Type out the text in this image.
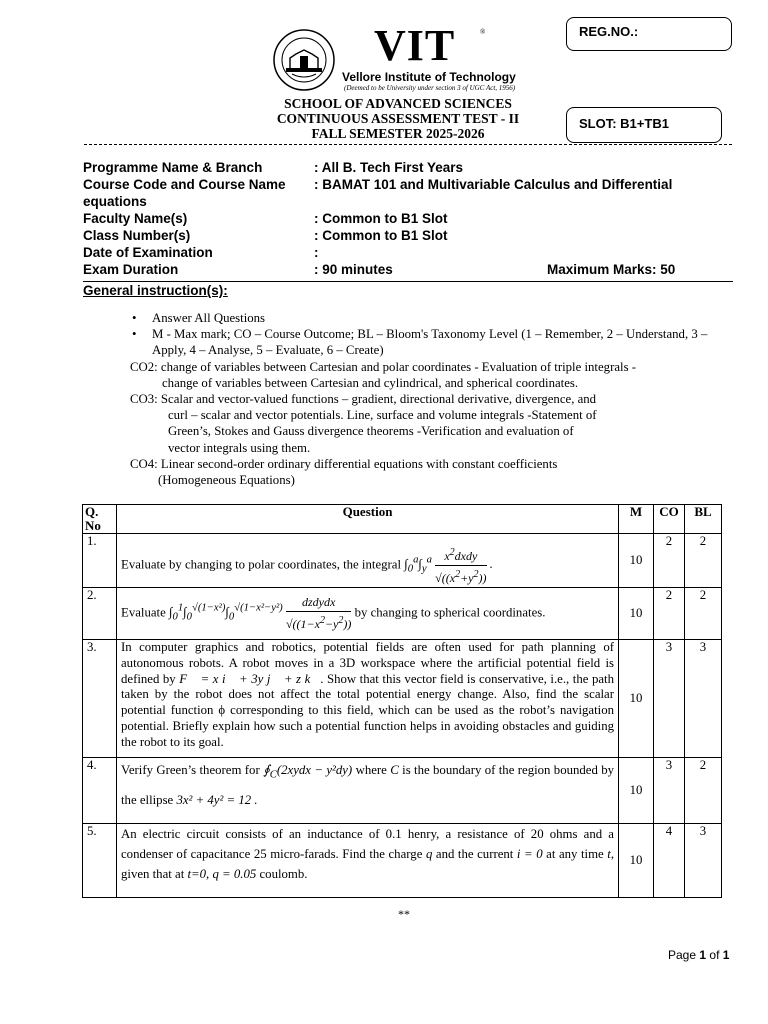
VIT	®
Vellore Institute of Technology
(Deemed to be University under section 3 of UGC Act, 1956)
REG.NO.:
SLOT: B1+TB1
SCHOOL OF ADVANCED SCIENCES
CONTINUOUS ASSESSMENT TEST - II
FALL SEMESTER 2025-2026
Programme Name & Branch	: All B. Tech First Years
Course Code and Course Name : BAMAT 101 and Multivariable Calculus and Differential
equations
Faculty Name(s)	: Common to B1 Slot
Class Number(s)	: Common to B1 Slot
Date of Examination	:
Exam Duration	: 90 minutes	Maximum Marks: 50
General instruction(s):
• Answer All Questions
• M - Max mark; CO – Course Outcome; BL – Bloom's Taxonomy Level (1 – Remember, 2 – Understand, 3 – Apply, 4 – Analyse, 5 – Evaluate, 6 – Create)
CO2: change of variables between Cartesian and polar coordinates - Evaluation of triple integrals -
change of variables between Cartesian and cylindrical, and spherical coordinates.
CO3: Scalar and vector-valued functions – gradient, directional derivative, divergence, and
curl – scalar and vector potentials. Line, surface and volume integrals -Statement of
Green’s, Stokes and Gauss divergence theorems -Verification and evaluation of
vector integrals using them.
CO4: Linear second-order ordinary differential equations with constant coefficients
(Homogeneous Equations)
Q. No	Question	M	CO	BL
1.	Evaluate by changing to polar coordinates, the integral $\int_0^a\int_y^a$ $x^2dxdy$
$√((x^2+y^2))$
.	10	2	2
2.	Evaluate $\int_0^1\int_0^{√(1-x^2)}\int_0^{√(1-x^2-y^2)}$ dzdydx
$√((1-x^2-y^2))$
by changing to spherical coordinates.	10	2	2
3.	In computer graphics and robotics, potential fields are often used for path planning of autonomous robots. A robot moves in a 3D workspace where the artificial potential field is defined by F⃗ = x i⃗ + 3y j⃗ + z k⃗. Show that this vector field is conservative, i.e., the path taken by the robot does not affect the total potential energy change. Also, find the scalar potential function ϕ corresponding to this field, which can be used as the robot’s navigation potential. Briefly explain how such a potential function helps in avoiding obstacles and guiding the robot to its goal.	10	3	3
4.	Verify Green’s theorem for $∮_C(2xydx - y^2dy)$ where C is the boundary of the region bounded by the ellipse 3x² + 4y² = 12 .	10	3	2
5.	An electric circuit consists of an inductance of 0.1 henry, a resistance of 20 ohms and a condenser of capacitance 25 micro-farads. Find the charge q and the current i = 0 at any time t, given that at t=0, q = 0.05 coulomb.	10	4	3
**
Page 1 of 1
